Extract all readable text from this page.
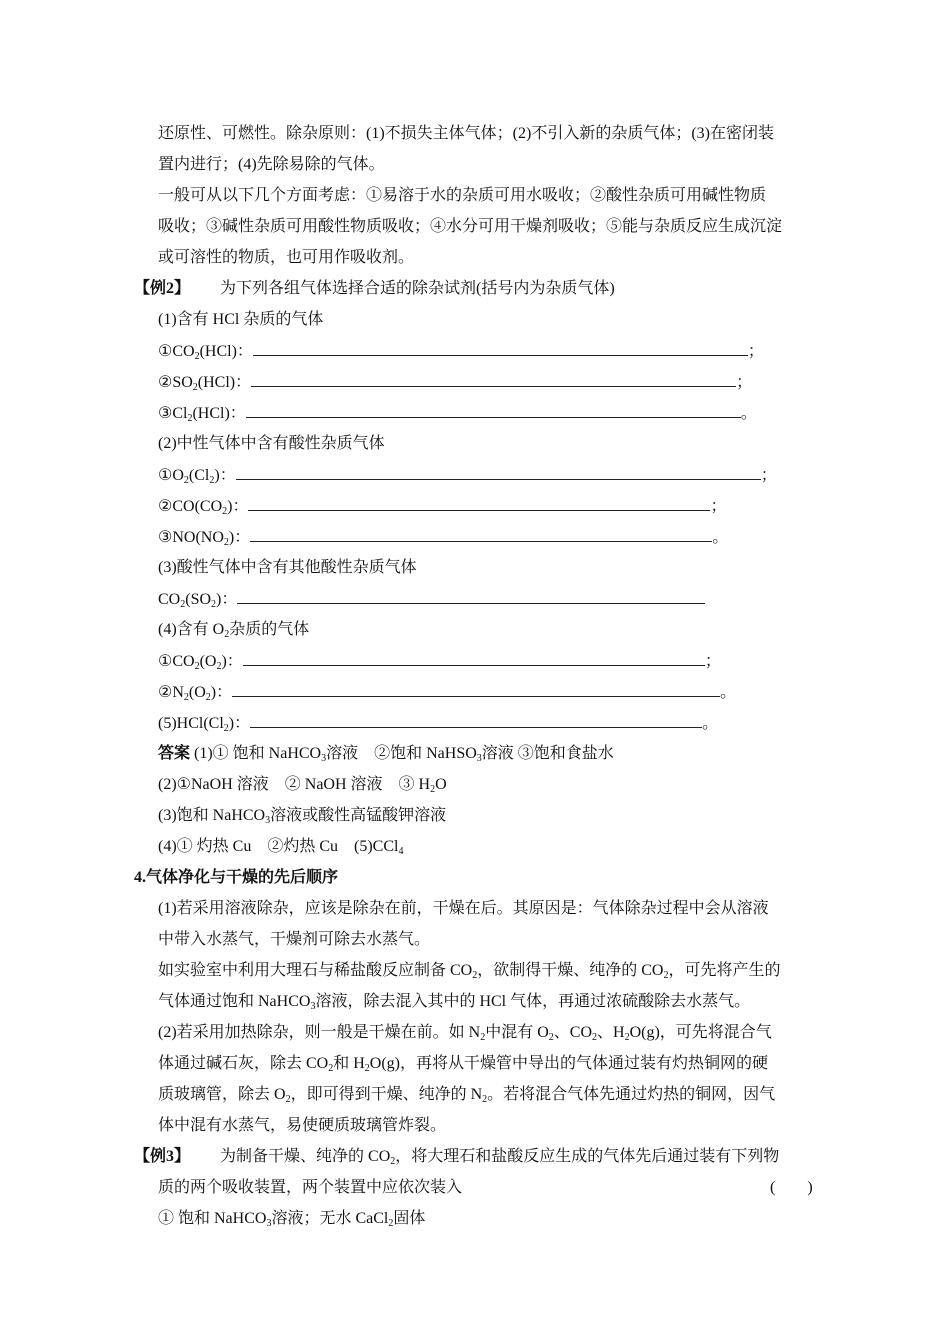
还原性、可燃性。除杂原则：(1)不损失主体气体；(2)不引入新的杂质气体；(3)在密闭装
置内进行；(4)先除易除的气体。
一般可从以下几个方面考虑：①易溶于水的杂质可用水吸收；②酸性杂质可用碱性物质
吸收；③碱性杂质可用酸性物质吸收；④水分可用干燥剂吸收；⑤能与杂质反应生成沉淀
或可溶性的物质，也可用作吸收剂。
【例2】 为下列各组气体选择合适的除杂试剂(括号内为杂质气体)
(1)含有 HCl 杂质的气体
①CO2(HCl)：	；
②SO2(HCl)：	；
③Cl2(HCl)：	。
(2)中性气体中含有酸性杂质气体
①O2(Cl2)：	；
②CO(CO2)：	；
③NO(NO2)：	。
(3)酸性气体中含有其他酸性杂质气体
CO2(SO2)：
(4)含有 O2杂质的气体
①CO2(O2)：	；
②N2(O2)：	。
(5)HCl(Cl2)：	。
答案 (1)① 饱和 NaHCO3溶液　②饱和 NaHSO3溶液 ③饱和食盐水
(2)①NaOH 溶液　② NaOH 溶液　③ H2O
(3)饱和 NaHCO3溶液或酸性高锰酸钾溶液
(4)① 灼热 Cu　②灼热 Cu　(5)CCl4
4.气体净化与干燥的先后顺序
(1)若采用溶液除杂，应该是除杂在前，干燥在后。其原因是：气体除杂过程中会从溶液
中带入水蒸气，干燥剂可除去水蒸气。
如实验室中利用大理石与稀盐酸反应制备 CO2，欲制得干燥、纯净的 CO2，可先将产生的
气体通过饱和 NaHCO3溶液，除去混入其中的 HCl 气体，再通过浓硫酸除去水蒸气。
(2)若采用加热除杂，则一般是干燥在前。如 N2中混有 O2、CO2、H2O(g)，可先将混合气
体通过碱石灰，除去 CO2和 H2O(g)，再将从干燥管中导出的气体通过装有灼热铜网的硬
质玻璃管，除去 O2，即可得到干燥、纯净的 N2。若将混合气体先通过灼热的铜网，因气
体中混有水蒸气，易使硬质玻璃管炸裂。
【例3】 为制备干燥、纯净的 CO2，将大理石和盐酸反应生成的气体先后通过装有下列物
质的两个吸收装置，两个装置中应依次装入	(　　)
① 饱和 NaHCO3溶液；无水 CaCl2固体
